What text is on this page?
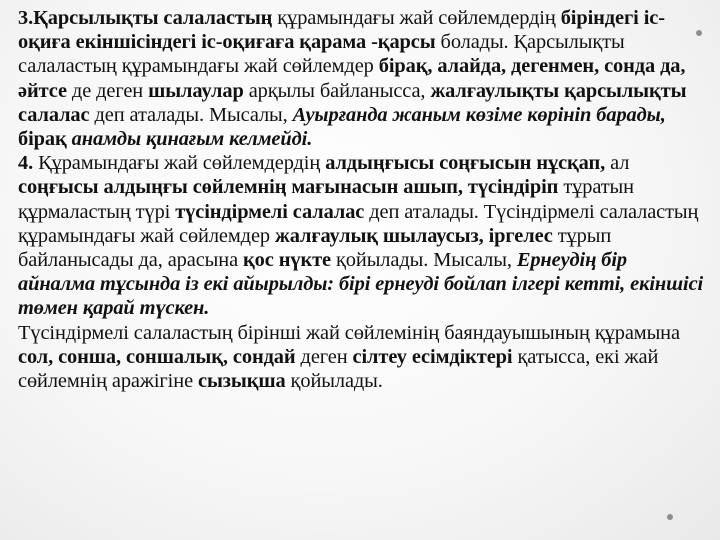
3.Қарсылықты салаластың құрамындағы жай сөйлемдердің біріндегі іс-оқиға екіншісіндегі іс-оқиғаға қарама -қарсы болады. Қарсылықты салаластың құрамындағы жай сөйлемдер бірақ, алайда, дегенмен, сонда да, әйтсе де деген шылаулар арқылы байланысса, жалғаулықты қарсылықты салалас деп аталады. Мысалы, Ауырғанда жаным көзіме көрініп барады, бірақ анамды қинағым келмейді.

4. Құрамындағы жай сөйлемдердің алдыңғысы соңғысын нұсқап, ал соңғысы алдыңғы сөйлемнің мағынасын ашып, түсіндіріп тұратын құрмаластың түрі түсіндірмелі салалас деп аталады. Түсіндірмелі салаластың құрамындағы жай сөйлемдер жалғаулық шылаусыз, іргелес тұрып байланысады да, арасына қос нүкте қойылады. Мысалы, Ернеудің бір айналма тұсында із екі айырылды: бірі ернеуді бойлап ілгері кетті, екіншісі төмен қарай түскен.

Түсіндірмелі салаластың бірінші жай сөйлемінің баяндауышының құрамына сол, сонша, соншалық, сондай деген сілтеу есімдіктері қатысса, екі жай сөйлемнің аражігіне сызықша қойылады.
